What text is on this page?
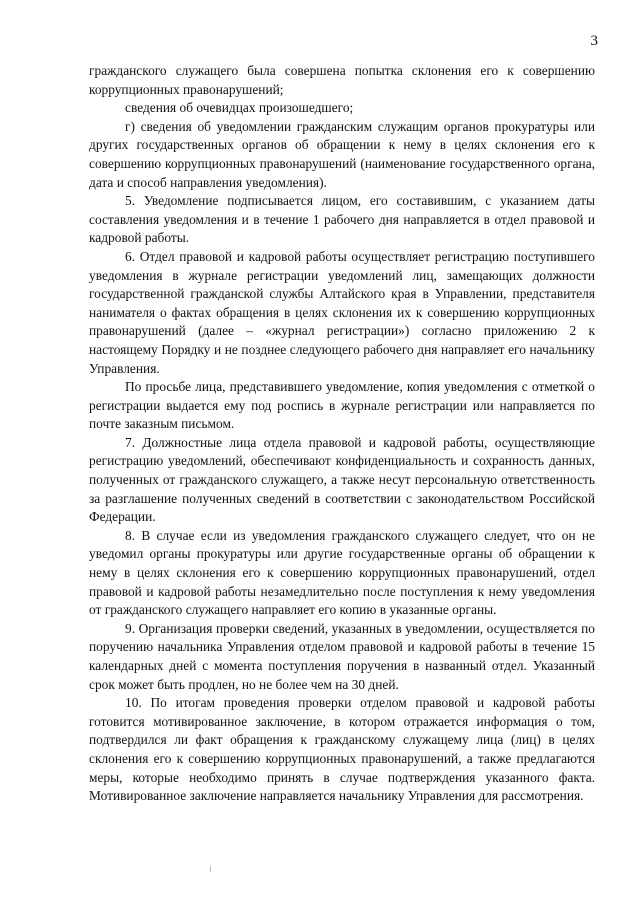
3

гражданского служащего была совершена попытка склонения его к совершению коррупционных правонарушений;

сведения об очевидцах произошедшего;

г) сведения об уведомлении гражданским служащим органов прокуратуры или других государственных органов об обращении к нему в целях склонения его к совершению коррупционных правонарушений (наименование государственного органа, дата и способ направления уведомления).

5. Уведомление подписывается лицом, его составившим, с указанием даты составления уведомления и в течение 1 рабочего дня направляется в отдел правовой и кадровой работы.

6. Отдел правовой и кадровой работы осуществляет регистрацию поступившего уведомления в журнале регистрации уведомлений лиц, замещающих должности государственной гражданской службы Алтайского края в Управлении, представителя нанимателя о фактах обращения в целях склонения их к совершению коррупционных правонарушений (далее – «журнал регистрации») согласно приложению 2 к настоящему Порядку и не позднее следующего рабочего дня направляет его начальнику Управления.

По просьбе лица, представившего уведомление, копия уведомления с отметкой о регистрации выдается ему под роспись в журнале регистрации или направляется по почте заказным письмом.

7. Должностные лица отдела правовой и кадровой работы, осуществляющие регистрацию уведомлений, обеспечивают конфиденциальность и сохранность данных, полученных от гражданского служащего, а также несут персональную ответственность за разглашение полученных сведений в соответствии с законодательством Российской Федерации.

8. В случае если из уведомления гражданского служащего следует, что он не уведомил органы прокуратуры или другие государственные органы об обращении к нему в целях склонения его к совершению коррупционных правонарушений, отдел правовой и кадровой работы незамедлительно после поступления к нему уведомления от гражданского служащего направляет его копию в указанные органы.

9. Организация проверки сведений, указанных в уведомлении, осуществляется по поручению начальника Управления отделом правовой и кадровой работы в течение 15 календарных дней с момента поступления поручения в названный отдел. Указанный срок может быть продлен, но не более чем на 30 дней.

10. По итогам проведения проверки отделом правовой и кадровой работы готовится мотивированное заключение, в котором отражается информация о том, подтвердился ли факт обращения к гражданскому служащему лица (лиц) в целях склонения его к совершению коррупционных правонарушений, а также предлагаются меры, которые необходимо принять в случае подтверждения указанного факта. Мотивированное заключение направляется начальнику Управления для рассмотрения.
